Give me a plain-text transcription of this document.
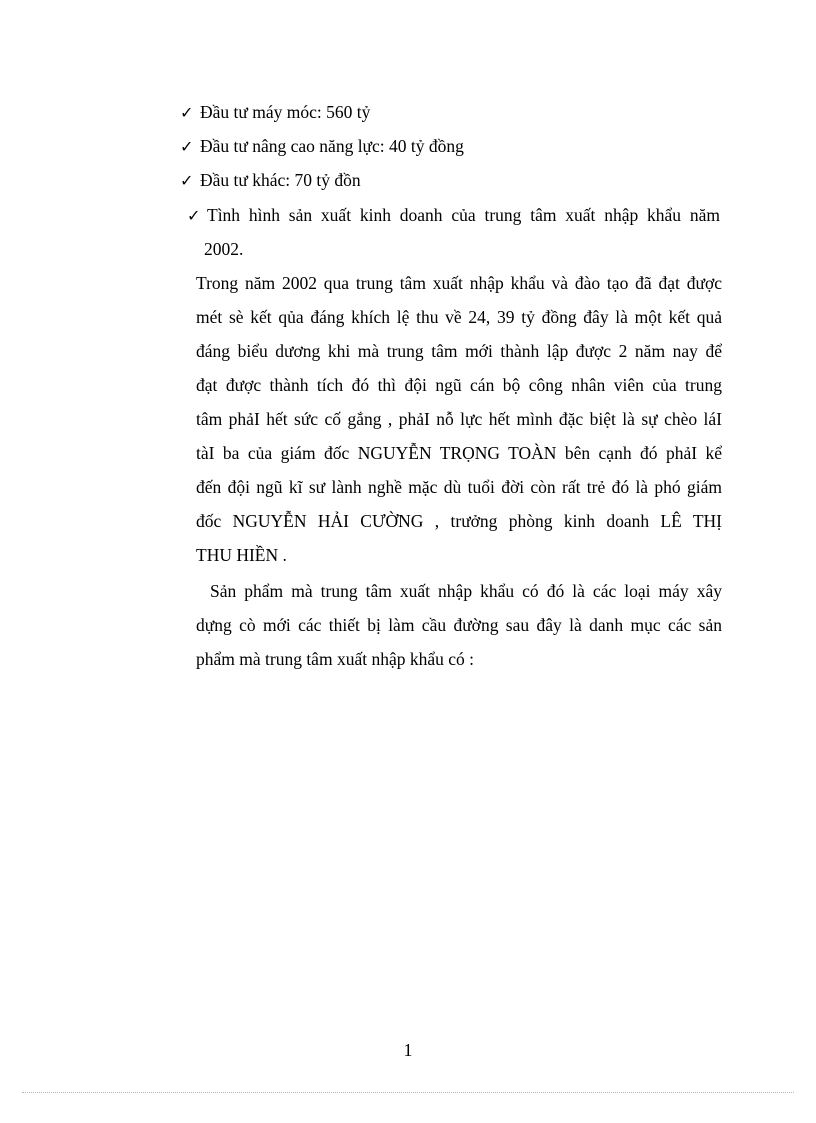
✓ Đầu tư máy móc: 560 tỷ
✓ Đầu tư nâng cao năng lực: 40 tỷ đồng
✓ Đầu tư khác: 70 tỷ đồn
✓ Tình hình sản xuất kinh doanh của trung tâm xuất nhập khẩu năm
2002.
Trong năm 2002 qua trung tâm xuất nhập khẩu và đào tạo đã đạt được
mét sè kết qủa đáng khích lệ thu về 24, 39 tỷ đồng đây là một kết quả
đáng biểu dương khi mà trung tâm mới thành lập được 2 năm nay để
đạt được thành tích đó thì đội ngũ cán bộ công nhân viên của trung
tâm phảI hết sức cố gắng , phảI nỗ lực hết mình đặc biệt là sự chèo láI
tàI ba của giám đốc NGUYỄN TRỌNG TOÀN bên cạnh đó phảI kể
đến đội ngũ kĩ sư lành nghề mặc dù tuổi đời còn rất trẻ đó là phó giám
đốc NGUYỄN HẢI CƯỜNG , trưởng phòng kinh doanh LÊ THỊ
THU HIỀN .
Sản phẩm mà trung tâm xuất nhập khẩu có đó là các loại máy xây
dựng cò mới các thiết bị làm cầu đường sau đây là danh mục các sản
phẩm mà trung tâm xuất nhập khẩu có :
1
